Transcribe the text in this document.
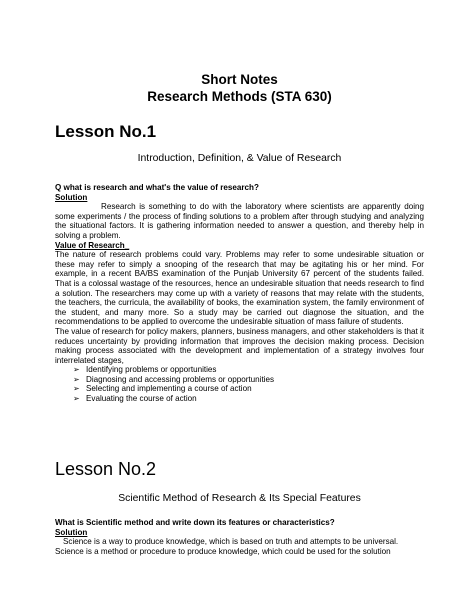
Short Notes
Research Methods (STA 630)
Lesson No.1
Introduction, Definition, & Value of Research

Q what is research and what's the value of research?

Solution

Research is something to do with the laboratory where scientists are apparently doing some experiments / the process of finding solutions to a problem after through studying and analyzing the situational factors. It is gathering information needed to answer a question, and thereby help in solving a problem.

Value of Research_

The nature of research problems could vary. Problems may refer to some undesirable situation or these may refer to simply a snooping of the research that may be agitating his or her mind. For example, in a recent BA/BS examination of the Punjab University 67 percent of the students failed. That is a colossal wastage of the resources, hence an undesirable situation that needs research to find a solution. The researchers may come up with a variety of reasons that may relate with the students, the teachers, the curricula, the availability of books, the examination system, the family environment of the student, and many more. So a study may be carried out diagnose the situation, and the recommendations to be applied to overcome the undesirable situation of mass failure of students.

The value of research for policy makers, planners, business managers, and other stakeholders is that it reduces uncertainty by providing information that improves the decision making process. Decision making process associated with the development and implementation of a strategy involves four interrelated stages,

➢ Identifying problems or opportunities
➢ Diagnosing and accessing problems or opportunities
➢ Selecting and implementing a course of action
➢ Evaluating the course of action
Lesson No.2
Scientific Method of Research & Its Special Features

What is Scientific method and write down its features or characteristics?

Solution

Science is a way to produce knowledge, which is based on truth and attempts to be universal.

Science is a method or procedure to produce knowledge, which could be used for the solution
